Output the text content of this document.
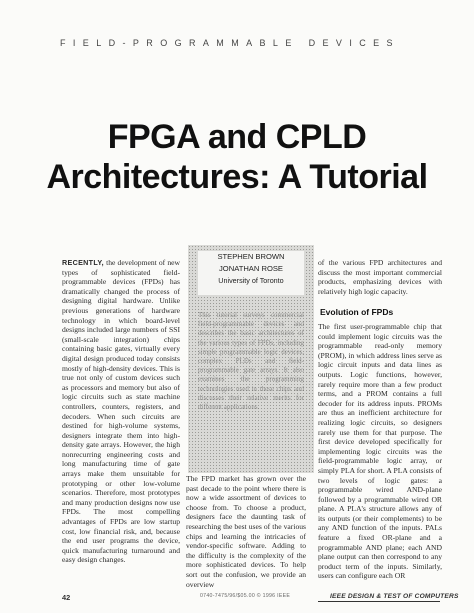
FIELD-PROGRAMMABLE DEVICES
FPGA and CPLD
Architectures: A Tutorial
RECENTLY, the development of new types of sophisticated field-programmable devices (FPDs) has dramatically changed the process of designing digital hardware. Unlike previous generations of hardware technology in which board-level designs included large numbers of SSI (small-scale integration) chips containing basic gates, virtually every digital design produced today consists mostly of high-density devices. This is true not only of custom devices such as processors and memory but also of logic circuits such as state machine controllers, counters, registers, and decoders. When such circuits are destined for high-volume systems, designers integrate them into high-density gate arrays. However, the high nonrecurring engineering costs and long manufacturing time of gate arrays make them unsuitable for prototyping or other low-volume scenarios. Therefore, most prototypes and many production designs now use FPDs. The most compelling advantages of FPDs are low startup cost, low financial risk, and, because the end user programs the device, quick manufacturing turnaround and easy design changes.
STEPHEN BROWN
JONATHAN ROSE
University of Toronto
This tutorial surveys commercial field-programmable devices and describes the basic architectures of the various types of FPDs, including simple programmable logic devices, complex PLDs and field-programmable gate arrays. It also examines the programming technologies used in these chips and discusses their relative merits for different applications.
The FPD market has grown over the past decade to the point where there is now a wide assortment of devices to choose from. To choose a product, designers face the daunting task of researching the best uses of the various chips and learning the intricacies of vendor-specific software. Adding to the difficulty is the complexity of the more sophisticated devices. To help sort out the confusion, we provide an overview
of the various FPD architectures and discuss the most important commercial products, emphasizing devices with relatively high logic capacity.
Evolution of FPDs
The first user-programmable chip that could implement logic circuits was the programmable read-only memory (PROM), in which address lines serve as logic circuit inputs and data lines as outputs. Logic functions, however, rarely require more than a few product terms, and a PROM contains a full decoder for its address inputs. PROMs are thus an inefficient architecture for realizing logic circuits, so designers rarely use them for that purpose. The first device developed specifically for implementing logic circuits was the field-programmable logic array, or simply PLA for short. A PLA consists of two levels of logic gates: a programmable wired AND-plane followed by a programmable wired OR plane. A PLA's structure allows any of its outputs (or their complements) to be any AND function of the inputs. PALs feature a fixed OR-plane and a programmable AND plane; each AND plane output can then correspond to any product term of the inputs. Similarly, users can configure each OR
42	0740-7475/96/$05.00 © 1996 IEEE	IEEE DESIGN & TEST OF COMPUTERS
